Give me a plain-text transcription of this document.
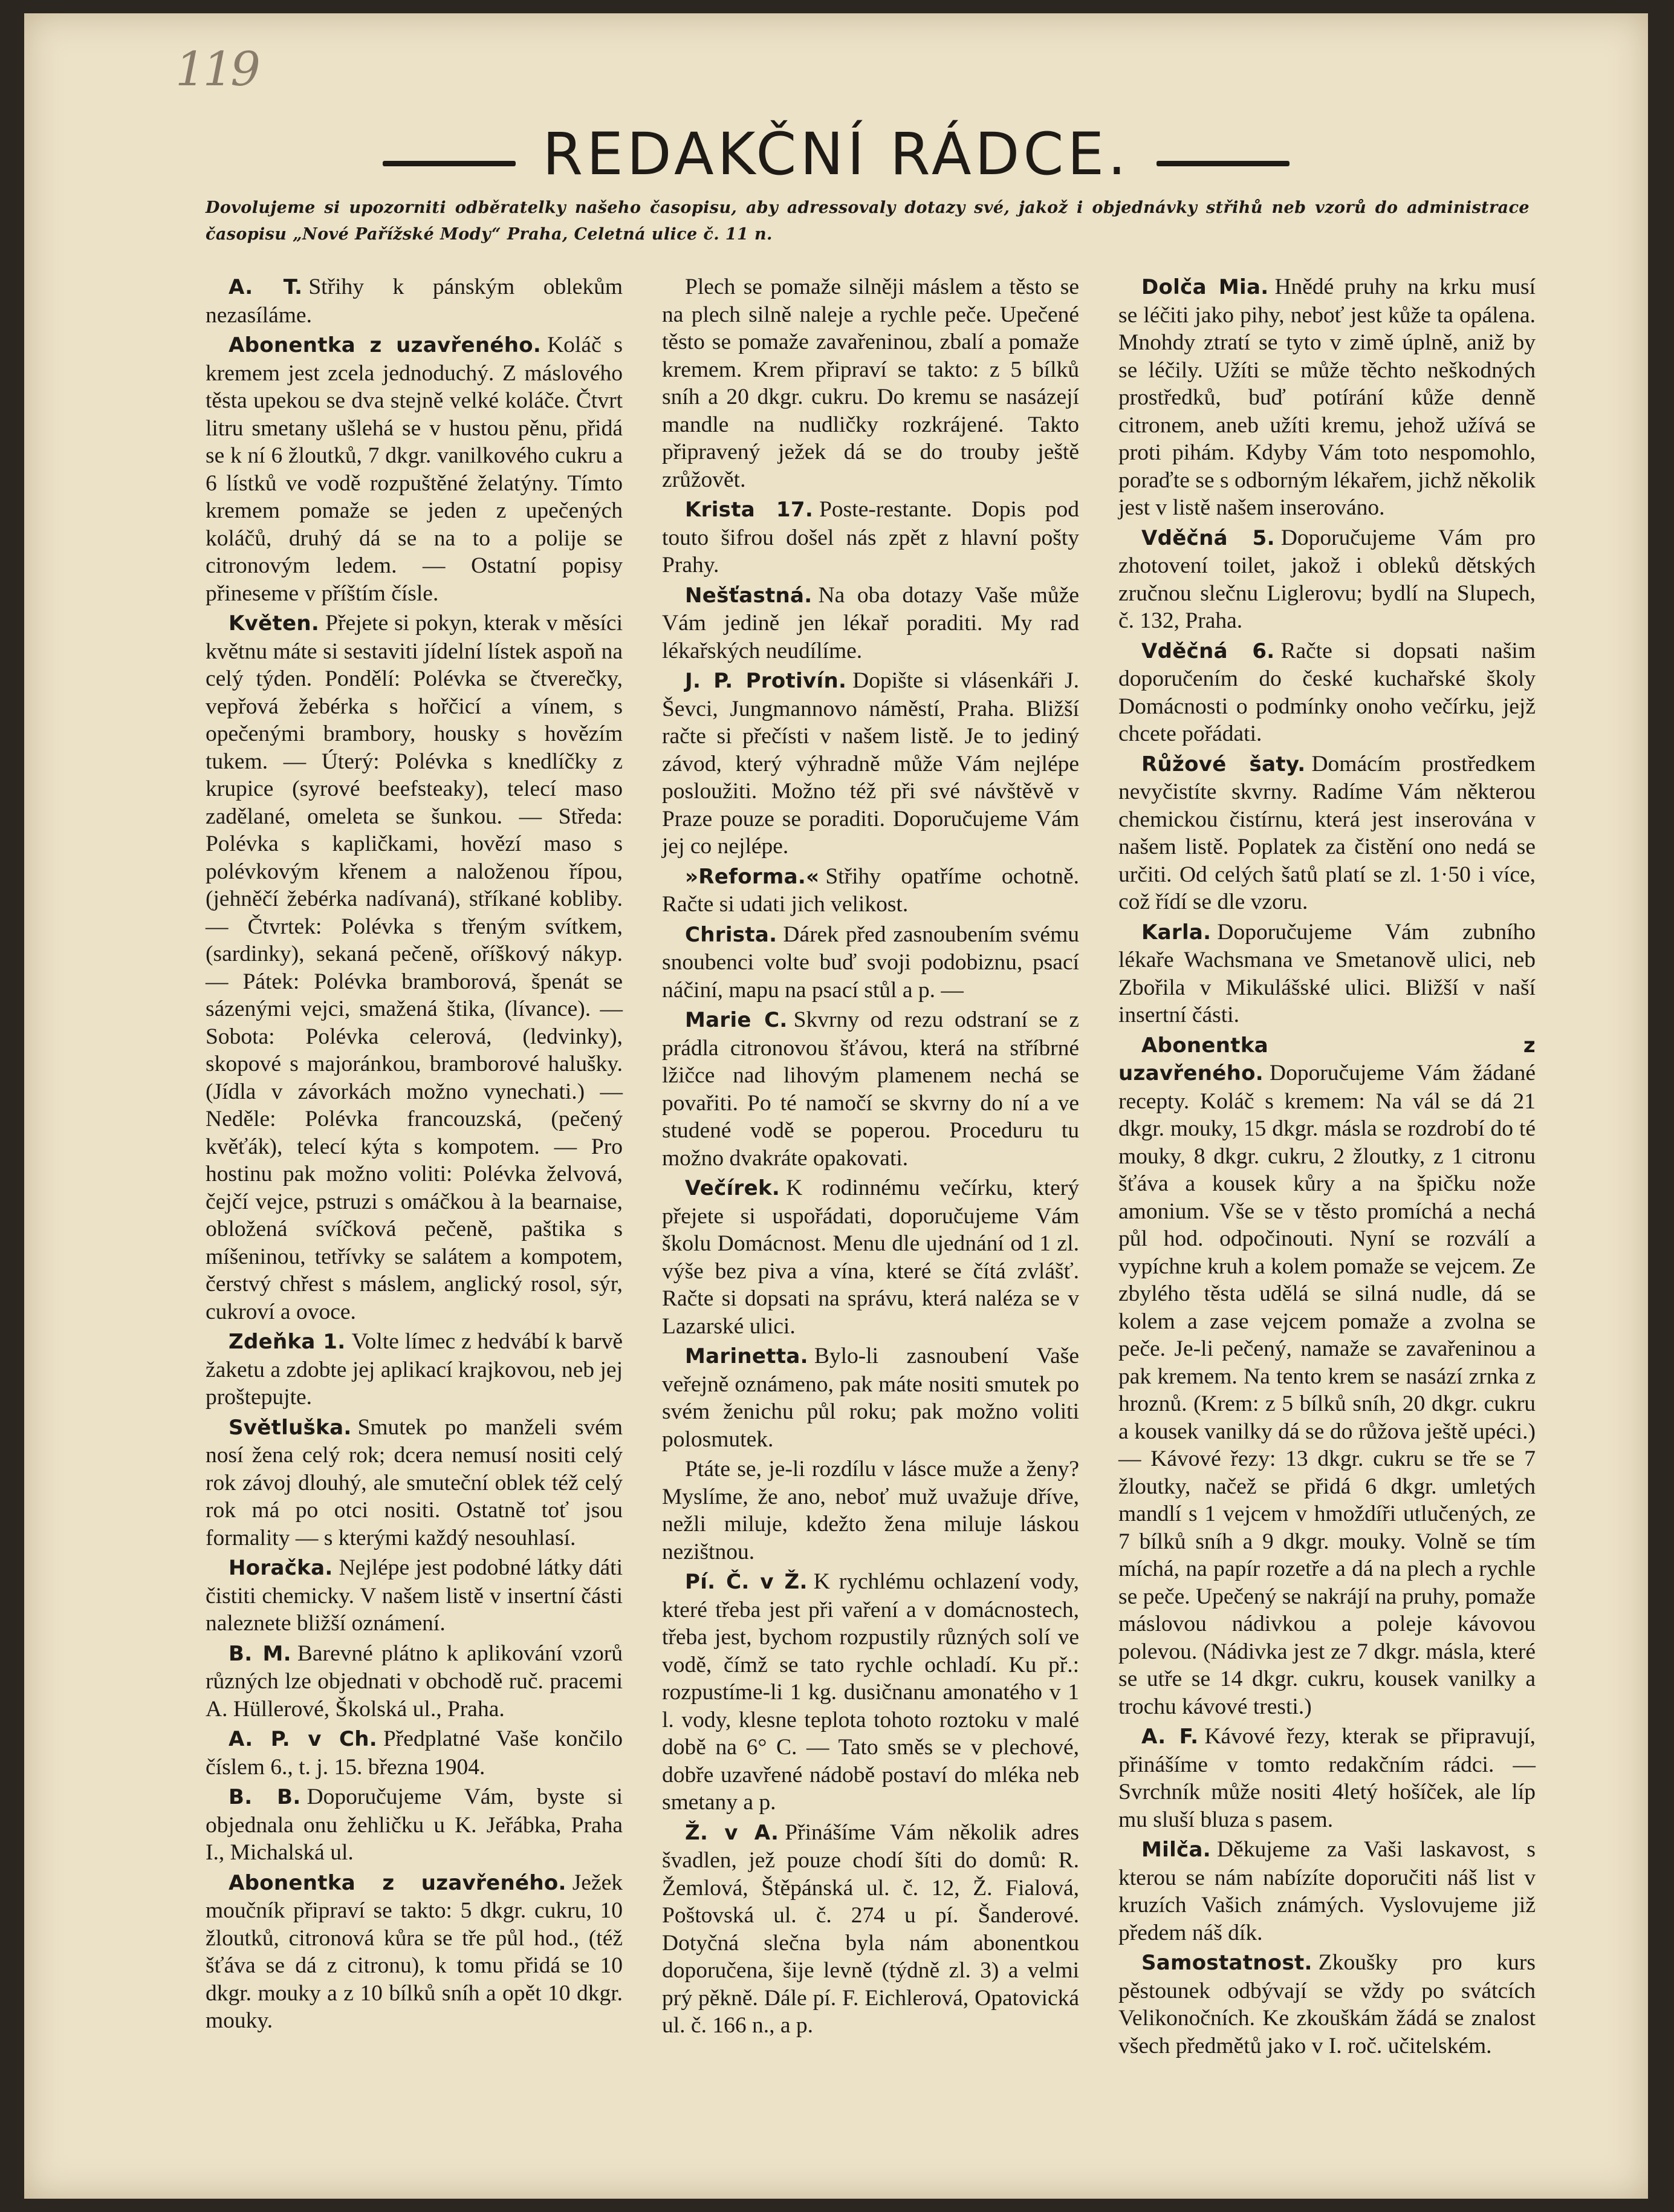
119
REDAKČNÍ RÁDCE.
Dovolujeme si upozorniti odběratelky našeho časopisu, aby adressovaly dotazy své, jakož i objednávky střihů neb vzorů do administrace časopisu „Nové Pařížské Mody“ Praha, Celetná ulice č. 11 n.

A. T. Střihy k pánským oblekům nezasíláme.

Abonentka z uzavřeného. Koláč s kremem jest zcela jednoduchý. Z máslového těsta upekou se dva stejně velké koláče. Čtvrt litru smetany ušlehá se v hustou pěnu, přidá se k ní 6 žloutků, 7 dkgr. vanilkového cukru a 6 lístků ve vodě rozpuštěné želatýny. Tímto kremem pomaže se jeden z upečených koláčů, druhý dá se na to a polije se citronovým ledem. — Ostatní popisy přineseme v příštím čísle.

Květen. Přejete si pokyn, kterak v měsíci květnu máte si sestaviti jídelní lístek aspoň na celý týden. Pondělí: Polévka se čtverečky, vepřová žebérka s hořčicí a vínem, s opečenými brambory, housky s hovězím tukem. — Úterý: Polévka s knedlíčky z krupice (syrové beefsteaky), telecí maso zadělané, omeleta se šunkou. — Středa: Polévka s kapličkami, hovězí maso s polévkovým křenem a naloženou řípou, (jehněčí žebérka nadívaná), stříkané kobliby. — Čtvrtek: Polévka s třeným svítkem, (sardinky), sekaná pečeně, oříškový nákyp. — Pátek: Polévka bramborová, špenát se sázenými vejci, smažená štika, (lívance). — Sobota: Polévka celerová, (ledvinky), skopové s majoránkou, bramborové halušky. (Jídla v závorkách možno vynechati.) — Neděle: Polévka francouzská, (pečený kvěťák), telecí kýta s kompotem. — Pro hostinu pak možno voliti: Polévka želvová, čejčí vejce, pstruzi s omáčkou à la bearnaise, obložená svíčková pečeně, paštika s míšeninou, tetřívky se salátem a kompotem, čerstvý chřest s máslem, anglický rosol, sýr, cukroví a ovoce.

Zdeňka 1. Volte límec z hedvábí k barvě žaketu a zdobte jej aplikací krajkovou, neb jej proštepujte.

Světluška. Smutek po manželi svém nosí žena celý rok; dcera nemusí nositi celý rok závoj dlouhý, ale smuteční oblek též celý rok má po otci nositi. Ostatně toť jsou formality — s kterými každý nesouhlasí.

Horačka. Nejlépe jest podobné látky dáti čistiti chemicky. V našem listě v insertní části naleznete bližší oznámení.

B. M. Barevné plátno k aplikování vzorů různých lze objednati v obchodě ruč. pracemi A. Hüllerové, Školská ul., Praha.

A. P. v Ch. Předplatné Vaše končilo číslem 6., t. j. 15. března 1904.

B. B. Doporučujeme Vám, byste si objednala onu žehličku u K. Jeřábka, Praha I., Michalská ul.

Abonentka z uzavřeného. Ježek moučník připraví se takto: 5 dkgr. cukru, 10 žloutků, citronová kůra se tře půl hod., (též šťáva se dá z citronu), k tomu přidá se 10 dkgr. mouky a z 10 bílků sníh a opět 10 dkgr. mouky.

Plech se pomaže silněji máslem a těsto se na plech silně naleje a rychle peče. Upečené těsto se pomaže zavařeninou, zbalí a pomaže kremem. Krem připraví se takto: z 5 bílků sníh a 20 dkgr. cukru. Do kremu se nasázejí mandle na nudličky rozkrájené. Takto připravený ježek dá se do trouby ještě zrůžovět.

Krista 17. Poste-restante. Dopis pod touto šifrou došel nás zpět z hlavní pošty Prahy.

Nešťastná. Na oba dotazy Vaše může Vám jedině jen lékař poraditi. My rad lékařských neudílíme.

J. P. Protivín. Dopište si vlásenkáři J. Ševci, Jungmannovo náměstí, Praha. Bližší račte si přečísti v našem listě. Je to jediný závod, který výhradně může Vám nejlépe posloužiti. Možno též při své návštěvě v Praze pouze se poraditi. Doporučujeme Vám jej co nejlépe.

»Reforma.« Střihy opatříme ochotně. Račte si udati jich velikost.

Christa. Dárek před zasnoubením svému snoubenci volte buď svoji podobiznu, psací náčiní, mapu na psací stůl a p. —

Marie C. Skvrny od rezu odstraní se z prádla citronovou šťávou, která na stříbrné lžičce nad lihovým plamenem nechá se povařiti. Po té namočí se skvrny do ní a ve studené vodě se poperou. Proceduru tu možno dvakráte opakovati.

Večírek. K rodinnému večírku, který přejete si uspořádati, doporučujeme Vám školu Domácnost. Menu dle ujednání od 1 zl. výše bez piva a vína, které se čítá zvlášť. Račte si dopsati na správu, která naléza se v Lazarské ulici.

Marinetta. Bylo-li zasnoubení Vaše veřejně oznámeno, pak máte nositi smutek po svém ženichu půl roku; pak možno voliti polosmutek.

Ptáte se, je-li rozdílu v lásce muže a ženy? Myslíme, že ano, neboť muž uvažuje dříve, nežli miluje, kdežto žena miluje láskou nezištnou.

Pí. Č. v Ž. K rychlému ochlazení vody, které třeba jest při vaření a v domácnostech, třeba jest, bychom rozpustily různých solí ve vodě, čímž se tato rychle ochladí. Ku př.: rozpustíme-li 1 kg. dusičnanu amonatého v 1 l. vody, klesne teplota tohoto roztoku v malé době na 6° C. — Tato směs se v plechové, dobře uzavřené nádobě postaví do mléka neb smetany a p.

Ž. v A. Přinášíme Vám několik adres švadlen, jež pouze chodí šíti do domů: R. Žemlová, Štěpánská ul. č. 12, Ž. Fialová, Poštovská ul. č. 274 u pí. Šanderové. Dotyčná slečna byla nám abonentkou doporučena, šije levně (týdně zl. 3) a velmi prý pěkně. Dále pí. F. Eichlerová, Opatovická ul. č. 166 n., a p.

Dolča Mia. Hnědé pruhy na krku musí se léčiti jako pihy, neboť jest kůže ta opálena. Mnohdy ztratí se tyto v zimě úplně, aniž by se léčily. Užíti se může těchto neškodných prostředků, buď potírání kůže denně citronem, aneb užíti kremu, jehož užívá se proti pihám. Kdyby Vám toto nespomohlo, poraďte se s odborným lékařem, jichž několik jest v listě našem inserováno.

Vděčná 5. Doporučujeme Vám pro zhotovení toilet, jakož i obleků dětských zručnou slečnu Liglerovu; bydlí na Slupech, č. 132, Praha.

Vděčná 6. Račte si dopsati našim doporučením do české kuchařské školy Domácnosti o podmínky onoho večírku, jejž chcete pořádati.

Růžové šaty. Domácím prostředkem nevyčistíte skvrny. Radíme Vám některou chemickou čistírnu, která jest inserována v našem listě. Poplatek za čistění ono nedá se určiti. Od celých šatů platí se zl. 1·50 i více, což řídí se dle vzoru.

Karla. Doporučujeme Vám zubního lékaře Wachsmana ve Smetanově ulici, neb Zbořila v Mikulášské ulici. Bližší v naší insertní části.

Abonentka z uzavřeného. Doporučujeme Vám žádané recepty. Koláč s kremem: Na vál se dá 21 dkgr. mouky, 15 dkgr. másla se rozdrobí do té mouky, 8 dkgr. cukru, 2 žloutky, z 1 citronu šťáva a kousek kůry a na špičku nože amonium. Vše se v těsto promíchá a nechá půl hod. odpočinouti. Nyní se rozválí a vypíchne kruh a kolem pomaže se vejcem. Ze zbylého těsta udělá se silná nudle, dá se kolem a zase vejcem pomaže a zvolna se peče. Je-li pečený, namaže se zavařeninou a pak kremem. Na tento krem se nasází zrnka z hroznů. (Krem: z 5 bílků sníh, 20 dkgr. cukru a kousek vanilky dá se do růžova ještě upéci.) — Kávové řezy: 13 dkgr. cukru se tře se 7 žloutky, načež se přidá 6 dkgr. umletých mandlí s 1 vejcem v hmoždíři utlučených, ze 7 bílků sníh a 9 dkgr. mouky. Volně se tím míchá, na papír rozetře a dá na plech a rychle se peče. Upečený se nakrájí na pruhy, pomaže máslovou nádivkou a poleje kávovou polevou. (Nádivka jest ze 7 dkgr. másla, které se utře se 14 dkgr. cukru, kousek vanilky a trochu kávové tresti.)

A. F. Kávové řezy, kterak se připravují, přinášíme v tomto redakčním rádci. — Svrchník může nositi 4letý hošíček, ale líp mu sluší bluza s pasem.

Milča. Děkujeme za Vaši laskavost, s kterou se nám nabízíte doporučiti náš list v kruzích Vašich známých. Vyslovujeme již předem náš dík.

Samostatnost. Zkoušky pro kurs pěstounek odbývají se vždy po svátcích Velikonočních. Ke zkouškám žádá se znalost všech předmětů jako v I. roč. učitelském.
